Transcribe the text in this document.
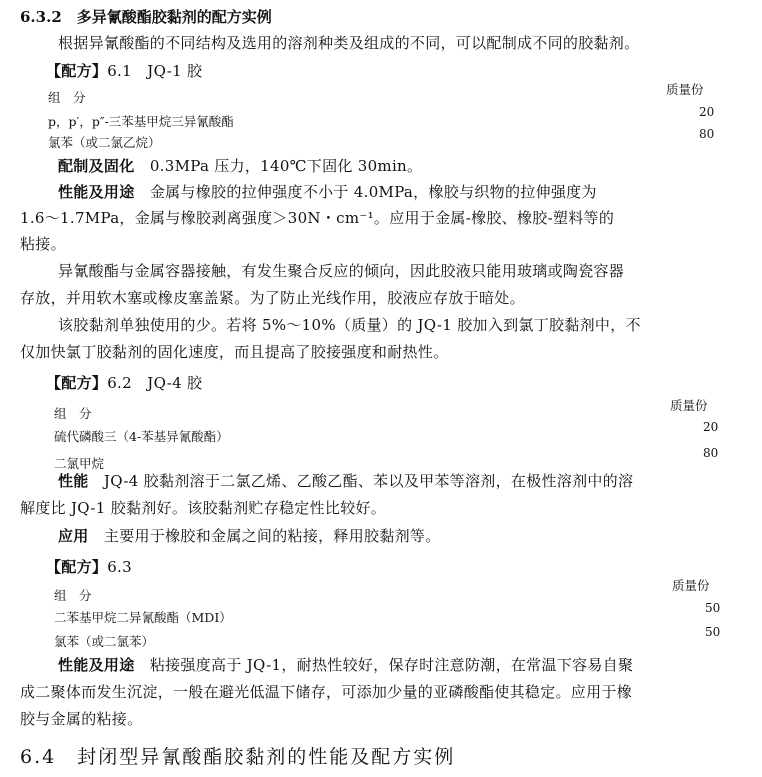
6.3.2　多异氰酸酯胶黏剂的配方实例
根据异氰酸酯的不同结构及选用的溶剂种类及组成的不同，可以配制成不同的胶黏剂。
【配方】6.1　JQ-1 胶
组　分
质量份
p，p′，p″-三苯基甲烷三异氰酸酯
20
氯苯（或二氯乙烷）
80
配制及固化　 0.3MPa 压力，140℃下固化 30min。
性能及用途　 金属与橡胶的拉伸强度不小于 4.0MPa，橡胶与织物的拉伸强度为
1.6～1.7MPa，金属与橡胶剥离强度＞30N・cm⁻¹。应用于金属-橡胶、橡胶-塑料等的
粘接。
异氰酸酯与金属容器接触，有发生聚合反应的倾向，因此胶液只能用玻璃或陶瓷容器
存放，并用软木塞或橡皮塞盖紧。为了防止光线作用，胶液应存放于暗处。
该胶黏剂单独使用的少。若将 5%～10%（质量）的 JQ-1 胶加入到氯丁胶黏剂中，不
仅加快氯丁胶黏剂的固化速度，而且提高了胶接强度和耐热性。
【配方】6.2　JQ-4 胶
组　分
质量份
硫代磷酸三（4-苯基异氰酸酯）
20
二氯甲烷
80
性能　 JQ-4 胶黏剂溶于二氯乙烯、乙酸乙酯、苯以及甲苯等溶剂，在极性溶剂中的溶
解度比 JQ-1 胶黏剂好。该胶黏剂贮存稳定性比较好。
应用　 主要用于橡胶和金属之间的粘接，释用胶黏剂等。
【配方】6.3
组　分
质量份
二苯基甲烷二异氰酸酯（MDI）
50
氯苯（或二氯苯）
50
性能及用途　 粘接强度高于 JQ-1，耐热性较好，保存时注意防潮，在常温下容易自聚
成二聚体而发生沉淀，一般在避光低温下储存，可添加少量的亚磷酸酯使其稳定。应用于橡
胶与金属的粘接。
6.4　封闭型异氰酸酯胶黏剂的性能及配方实例
